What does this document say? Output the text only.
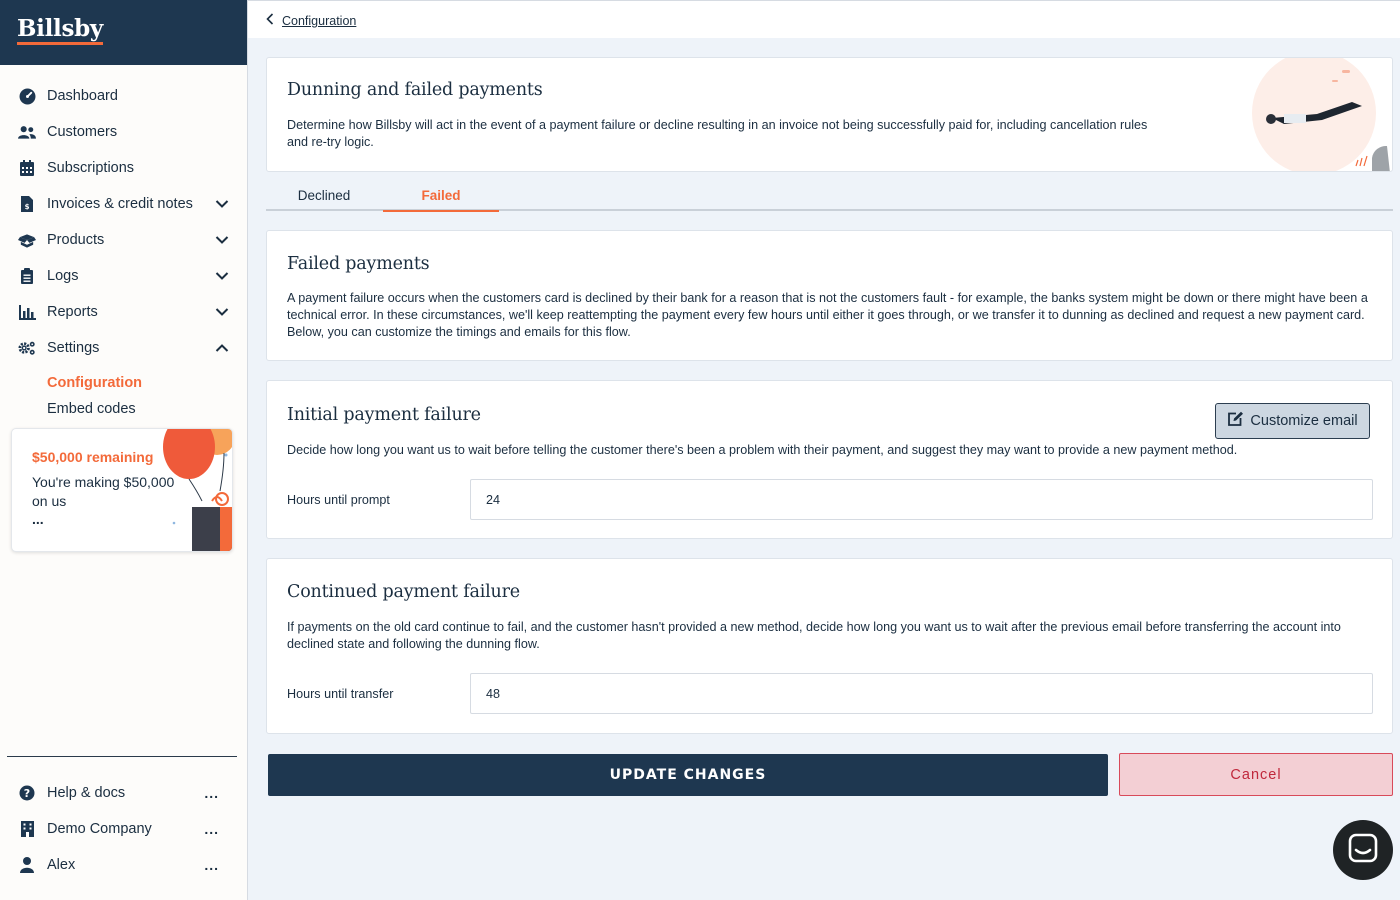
Billsby
Dashboard
Customers
Subscriptions
$ Invoices & credit notes
Products
Logs
Reports
Settings
Configuration
Embed codes
$50,000 remaining
You're making $50,000 on us
...
? Help & docs	...
Demo Company	...
Alex	...
Configuration
Dunning and failed payments

Determine how Billsby will act in the event of a payment failure or decline resulting in an invoice not being successfully paid for, including cancellation rules and re-try logic.

Declined	Failed
Failed payments

A payment failure occurs when the customers card is declined by their bank for a reason that is not the customers fault - for example, the banks system might be down or there might have been a technical error. In these circumstances, we'll keep reattempting the payment every few hours until either it goes through, or we transfer it to dunning as declined and request a new payment card. Below, you can customize the timings and emails for this flow.

Initial payment failure	Customize email

Decide how long you want us to wait before telling the customer there's been a problem with their payment, and suggest they may want to provide a new payment method.

Hours until prompt
24
Continued payment failure

If payments on the old card continue to fail, and the customer hasn't provided a new method, decide how long you want us to wait after the previous email before transferring the account into declined state and following the dunning flow.

Hours until transfer
48
UPDATE CHANGES	Cancel
